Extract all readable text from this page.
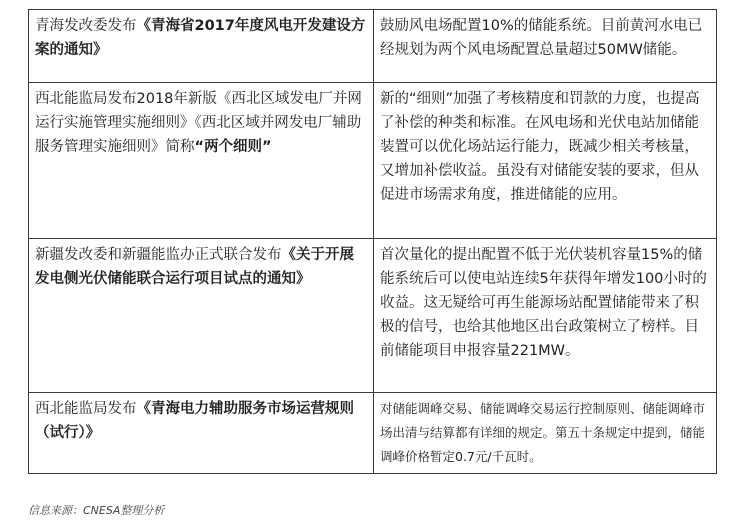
青海发改委发布《青海省2017年度风电开发建设方案的通知》	鼓励风电场配置10%的储能系统。目前黄河水电已经规划为两个风电场配置总量超过50MW储能。
西北能监局发布2018年新版《西北区域发电厂并网运行实施管理实施细则》《西北区域并网发电厂辅助服务管理实施细则》简称“两个细则”	新的“细则”加强了考核精度和罚款的力度，也提高了补偿的种类和标准。在风电场和光伏电站加储能装置可以优化场站运行能力，既减少相关考核量，又增加补偿收益。虽没有对储能安装的要求，但从促进市场需求角度，推进储能的应用。
新疆发改委和新疆能监办正式联合发布《关于开展发电侧光伏储能联合运行项目试点的通知》	首次量化的提出配置不低于光伏装机容量15%的储能系统后可以使电站连续5年获得年增发100小时的收益。这无疑给可再生能源场站配置储能带来了积极的信号，也给其他地区出台政策树立了榜样。目前储能项目申报容量221MW。
西北能监局发布《青海电力辅助服务市场运营规则（试行）》	对储能调峰交易、储能调峰交易运行控制原则、储能调峰市场出清与结算都有详细的规定。第五十条规定中提到，储能调峰价格暂定0.7元/千瓦时。
信息来源：CNESA整理分析
